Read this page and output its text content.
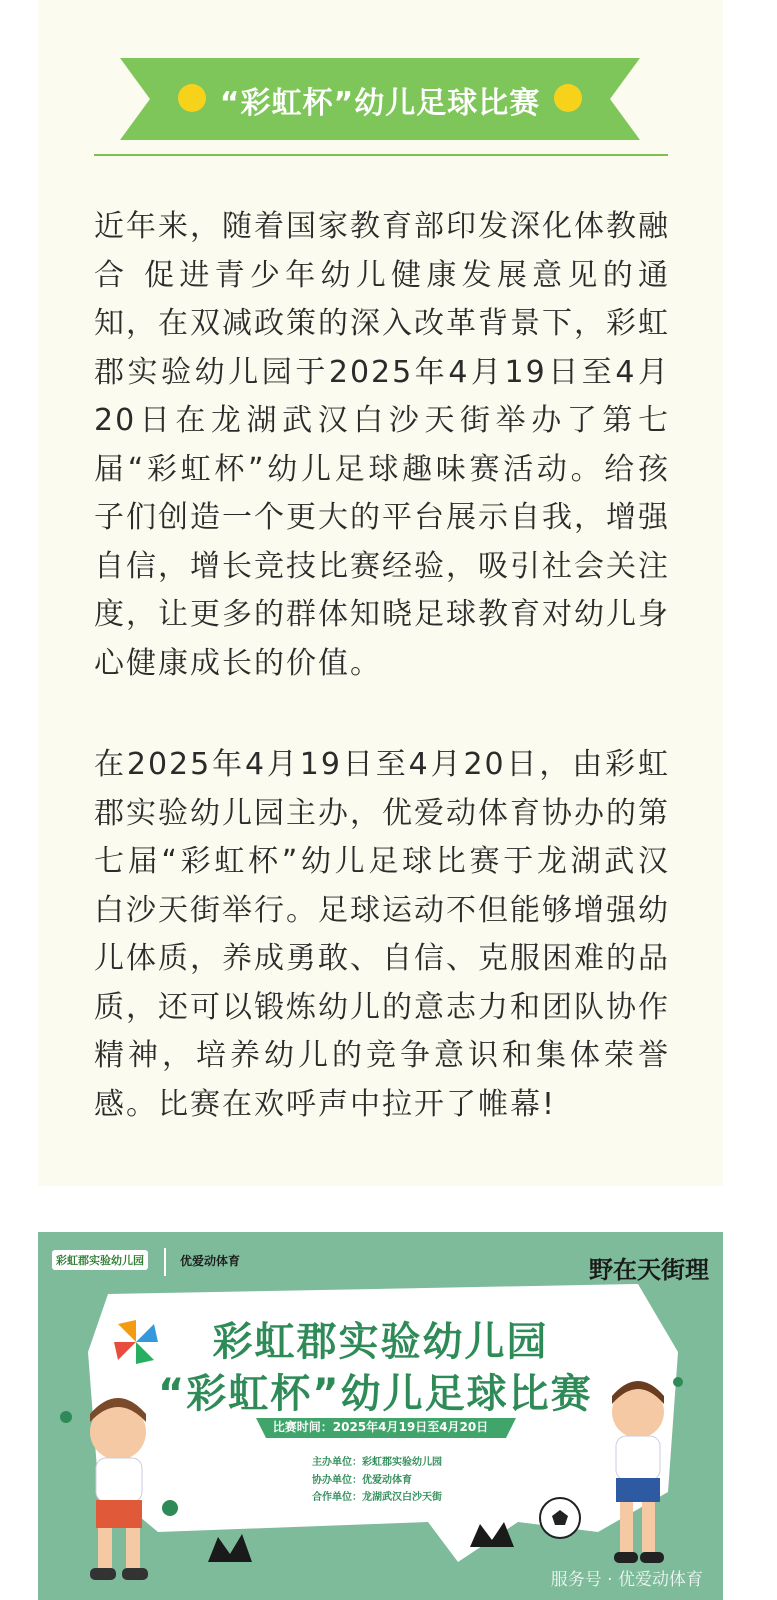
“彩虹杯”幼儿足球比赛

近年来，随着国家教育部印发深化体教融合 促进青少年幼儿健康发展意见的通知，在双减政策的深入改革背景下，彩虹郡实验幼儿园于2025年4月19日至4月20日在龙湖武汉白沙天街举办了第七届“彩虹杯”幼儿足球趣味赛活动。给孩子们创造一个更大的平台展示自我，增强自信，增长竞技比赛经验，吸引社会关注度，让更多的群体知晓足球教育对幼儿身心健康成长的价值。

在2025年4月19日至4月20日，由彩虹郡实验幼儿园主办，优爱动体育协办的第七届“彩虹杯”幼儿足球比赛于龙湖武汉白沙天街举行。足球运动不但能够增强幼儿体质，养成勇敢、自信、克服困难的品质，还可以锻炼幼儿的意志力和团队协作精神，培养幼儿的竞争意识和集体荣誉感。比赛在欢呼声中拉开了帷幕!

彩虹郡实验幼儿园	优爱动体育	野在天街理
彩虹郡实验幼儿园
“彩虹杯”幼儿足球比赛
比赛时间：2025年4月19日至4月20日
主办单位：彩虹郡实验幼儿园
协办单位：优爱动体育
合作单位：龙湖武汉白沙天街
服务号 · 优爱动体育
